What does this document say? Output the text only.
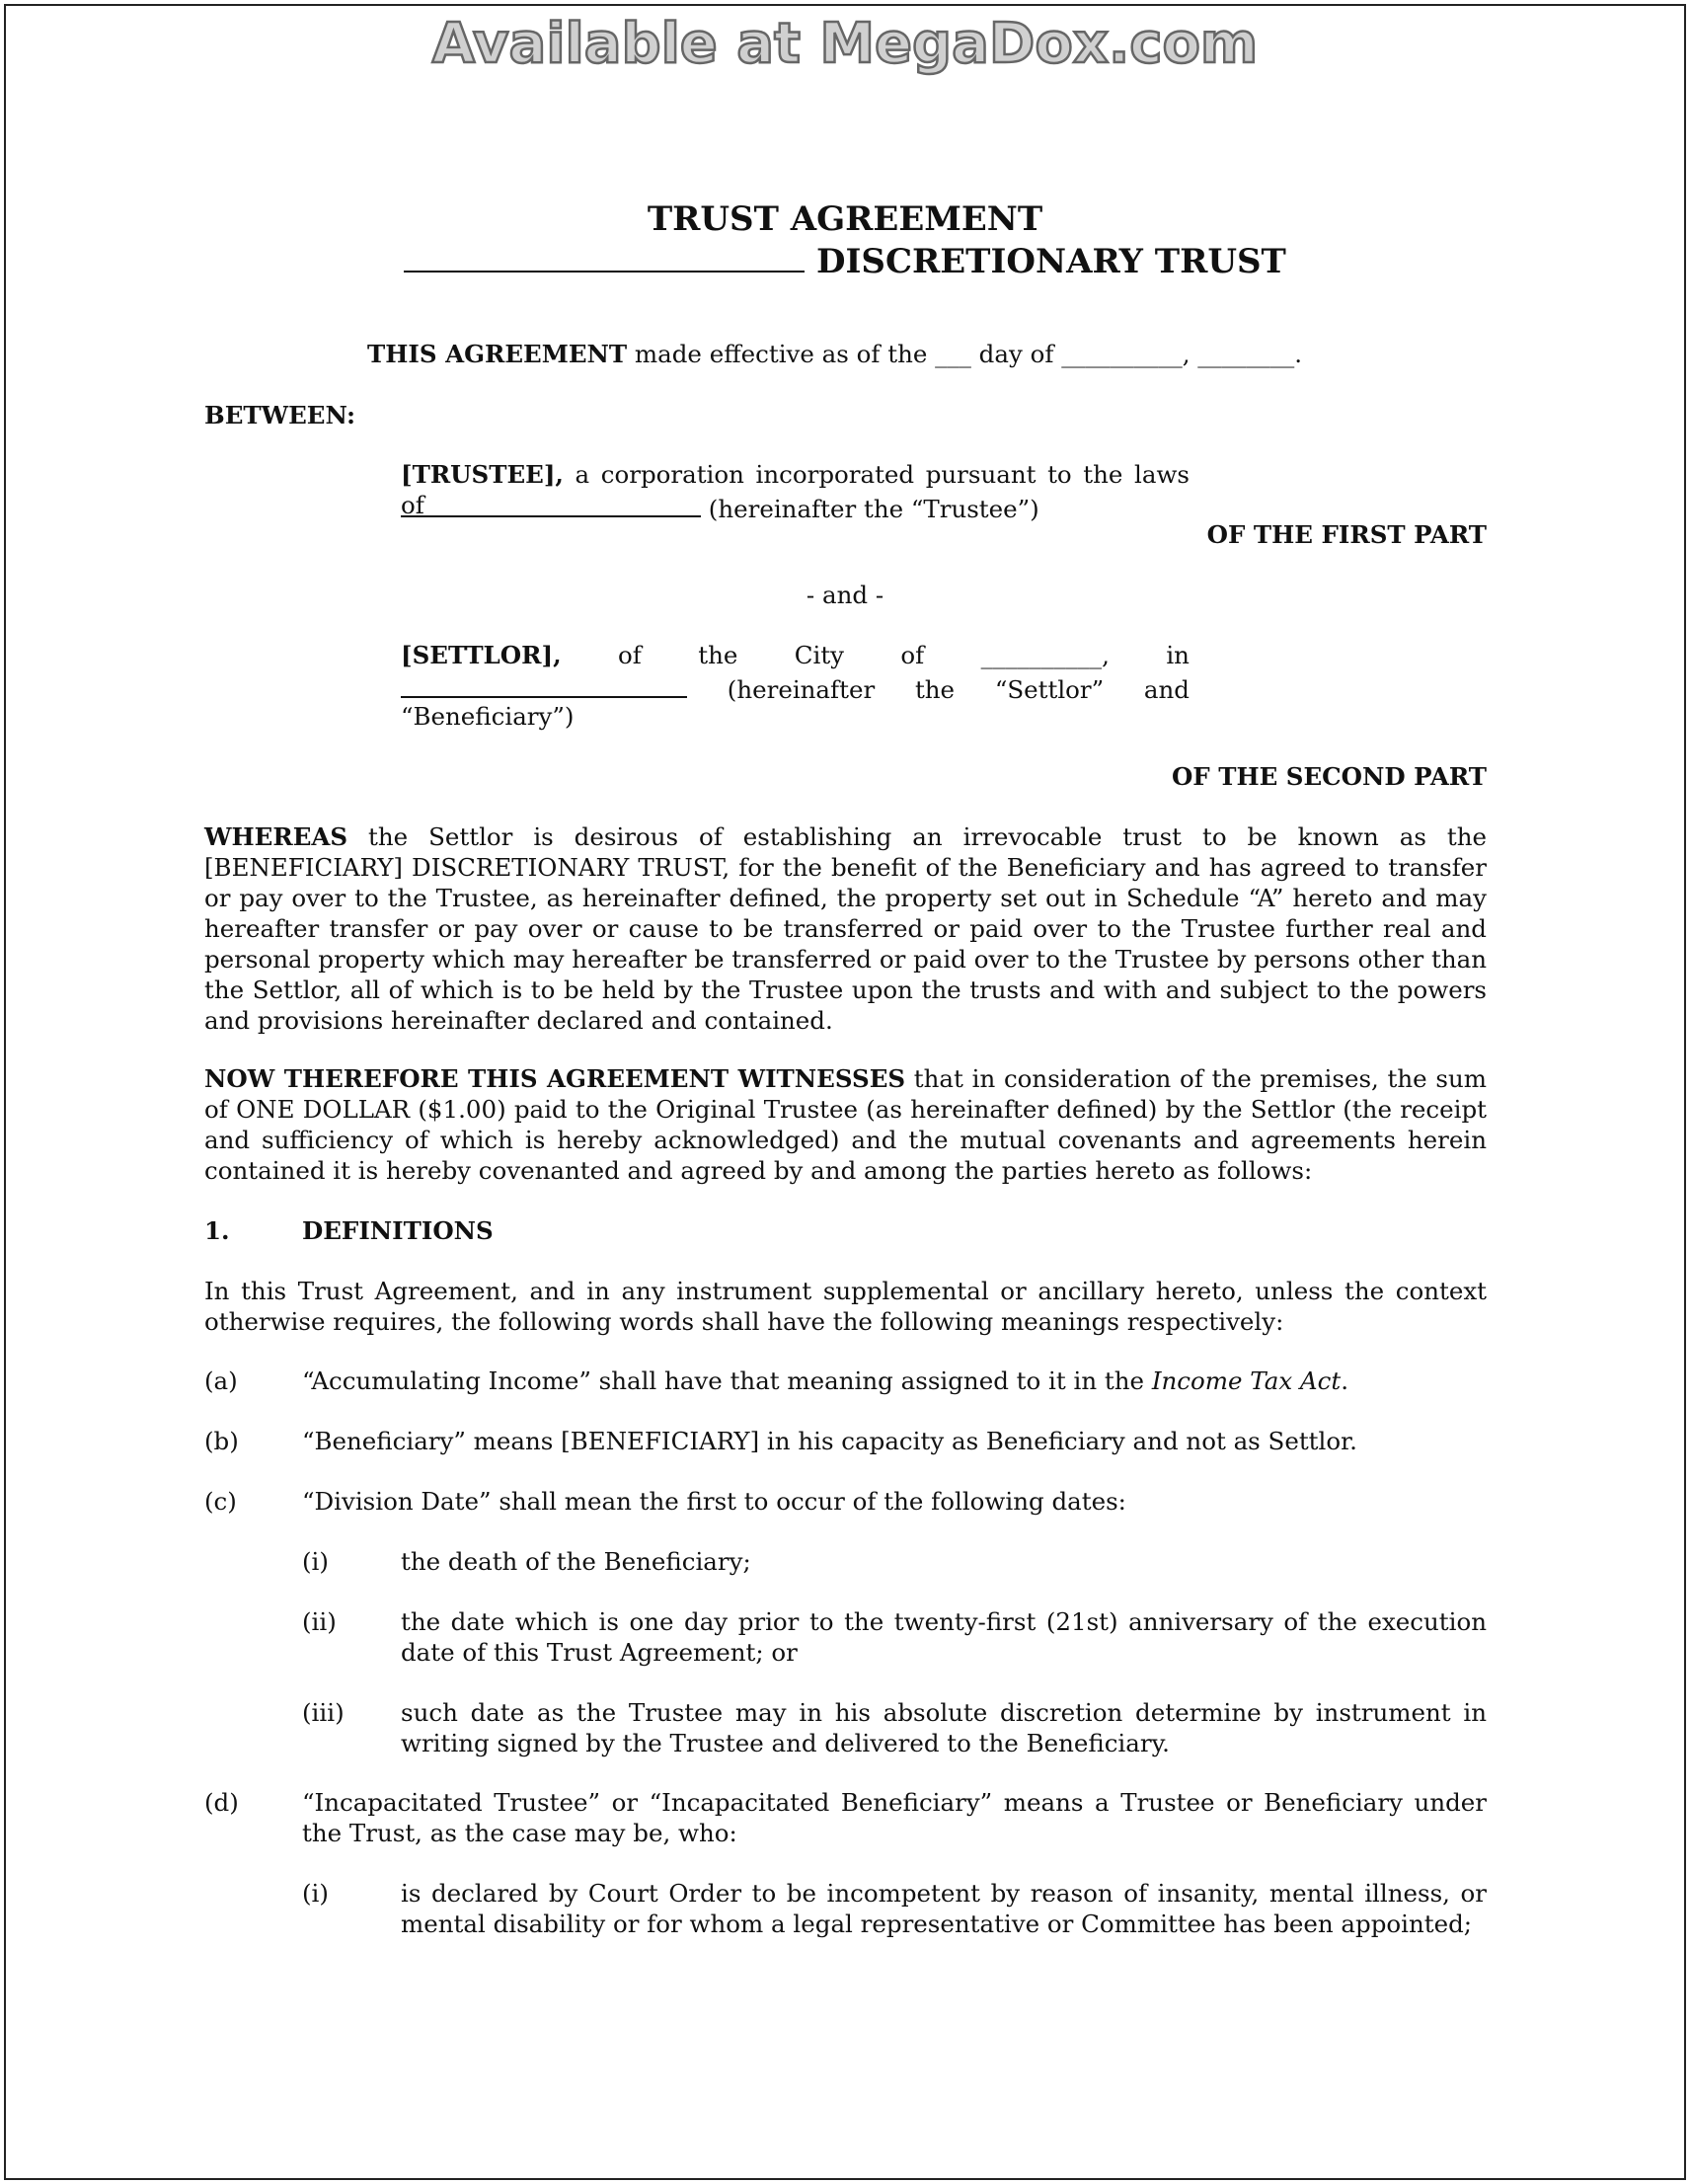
Available at MegaDox.com
TRUST AGREEMENT
DISCRETIONARY TRUST
THIS AGREEMENT made effective as of the ___ day of __________, ________.
BETWEEN:
[TRUSTEE], a corporation incorporated pursuant to the laws of	(hereinafter the “Trustee”)
OF THE FIRST PART
- and -
[SETTLOR], of the City of __________, in
(hereinafter the “Settlor” and
“Beneficiary”)
OF THE SECOND PART
WHEREAS the Settlor is desirous of establishing an irrevocable trust to be known as the [BENEFICIARY] DISCRETIONARY TRUST, for the benefit of the Beneficiary and has agreed to transfer or pay over to the Trustee, as hereinafter defined, the property set out in Schedule “A” hereto and may hereafter transfer or pay over or cause to be transferred or paid over to the Trustee further real and personal property which may hereafter be transferred or paid over to the Trustee by persons other than the Settlor, all of which is to be held by the Trustee upon the trusts and with and subject to the powers and provisions hereinafter declared and contained.
NOW THEREFORE THIS AGREEMENT WITNESSES that in consideration of the premises, the sum of ONE DOLLAR ($1.00) paid to the Original Trustee (as hereinafter defined) by the Settlor (the receipt and sufficiency of which is hereby acknowledged) and the mutual covenants and agreements herein contained it is hereby covenanted and agreed by and among the parties hereto as follows:
1.	DEFINITIONS
In this Trust Agreement, and in any instrument supplemental or ancillary hereto, unless the context otherwise requires, the following words shall have the following meanings respectively:
(a)	“Accumulating Income” shall have that meaning assigned to it in the Income Tax Act.
(b)	“Beneficiary” means [BENEFICIARY] in his capacity as Beneficiary and not as Settlor.
(c)	“Division Date” shall mean the first to occur of the following dates:
(i)	the death of the Beneficiary;
(ii)	the date which is one day prior to the twenty-first (21st) anniversary of the execution date of this Trust Agreement; or
(iii) such date as the Trustee may in his absolute discretion determine by instrument in writing signed by the Trustee and delivered to the Beneficiary.
(d)	“Incapacitated Trustee” or “Incapacitated Beneficiary” means a Trustee or Beneficiary under the Trust, as the case may be, who:
(i)	is declared by Court Order to be incompetent by reason of insanity, mental illness, or mental disability or for whom a legal representative or Committee has been appointed;
